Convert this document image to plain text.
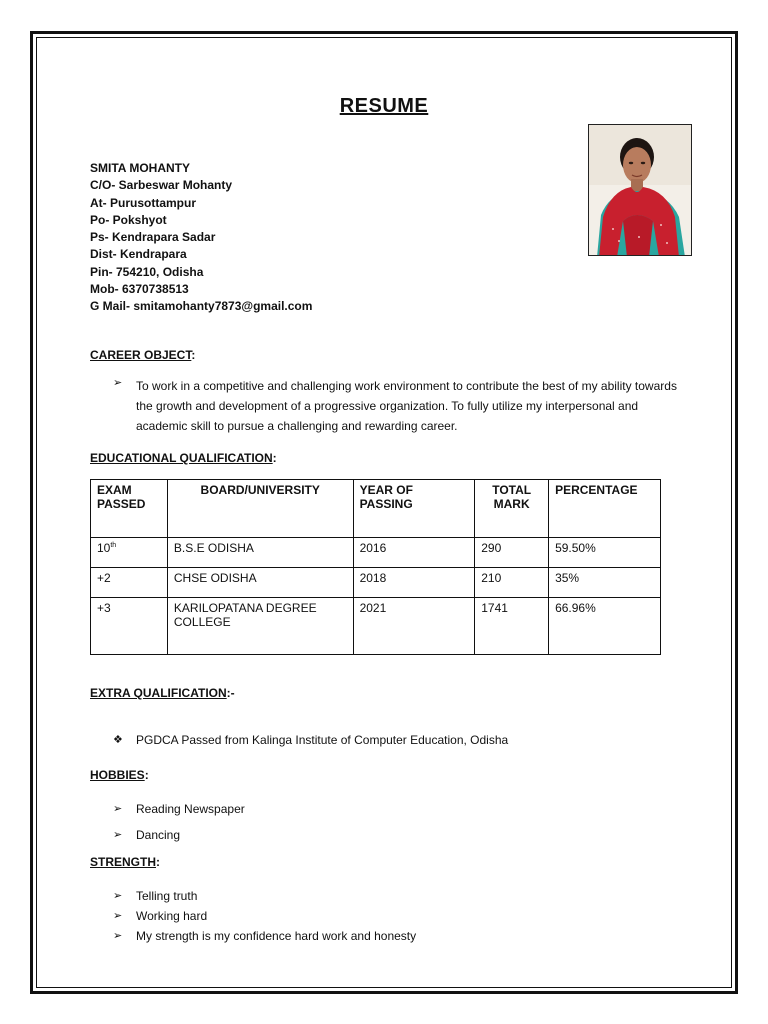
RESUME
SMITA MOHANTY
C/O- Sarbeswar Mohanty
At- Purusottampur
Po- Pokshyot
Ps- Kendrapara Sadar
Dist- Kendrapara
Pin- 754210, Odisha
Mob- 6370738513
G Mail- smitamohanty7873@gmail.com
CAREER OBJECT:
➢	To work in a competitive and challenging work environment to contribute the best of my ability towards the growth and development of a progressive organization. To fully utilize my interpersonal and academic skill to pursue a challenging and rewarding career.
EDUCATIONAL QUALIFICATION:
EXAM PASSED	BOARD/UNIVERSITY	YEAR OF PASSING	TOTAL MARK	PERCENTAGE
10th	B.S.E ODISHA	2016	290	59.50%
+2	CHSE ODISHA	2018	210	35%
+3	KARILOPATANA DEGREE COLLEGE	2021	1741	66.96%
EXTRA QUALIFICATION:-
❖	PGDCA Passed from Kalinga Institute of Computer Education, Odisha
HOBBIES:
➢	Reading Newspaper
➢	Dancing
STRENGTH:
➢	Telling truth
➢	Working hard
➢	My strength is my confidence hard work and honesty
